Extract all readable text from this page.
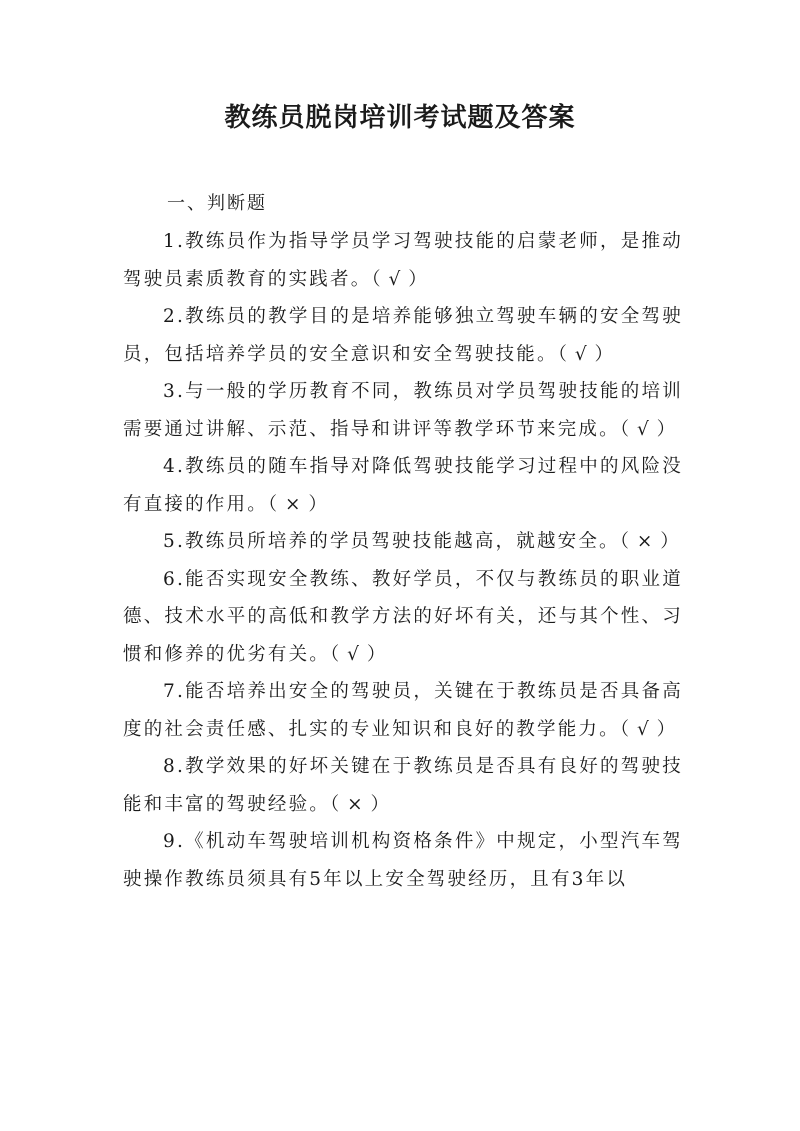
教练员脱岗培训考试题及答案

一、判断题

1.教练员作为指导学员学习驾驶技能的启蒙老师，是推动驾驶员素质教育的实践者。（ √ ）

2.教练员的教学目的是培养能够独立驾驶车辆的安全驾驶员，包括培养学员的安全意识和安全驾驶技能。（ √ ）

3.与一般的学历教育不同，教练员对学员驾驶技能的培训需要通过讲解、示范、指导和讲评等教学环节来完成。（ √ ）

4.教练员的随车指导对降低驾驶技能学习过程中的风险没有直接的作用。（ × ）

5.教练员所培养的学员驾驶技能越高，就越安全。（ × ）

6.能否实现安全教练、教好学员，不仅与教练员的职业道德、技术水平的高低和教学方法的好坏有关，还与其个性、习惯和修养的优劣有关。（ √ ）

7.能否培养出安全的驾驶员，关键在于教练员是否具备高度的社会责任感、扎实的专业知识和良好的教学能力。（ √ ）

8.教学效果的好坏关键在于教练员是否具有良好的驾驶技能和丰富的驾驶经验。（ × ）

9.《机动车驾驶培训机构资格条件》中规定，小型汽车驾驶操作教练员须具有5年以上安全驾驶经历，且有3年以
